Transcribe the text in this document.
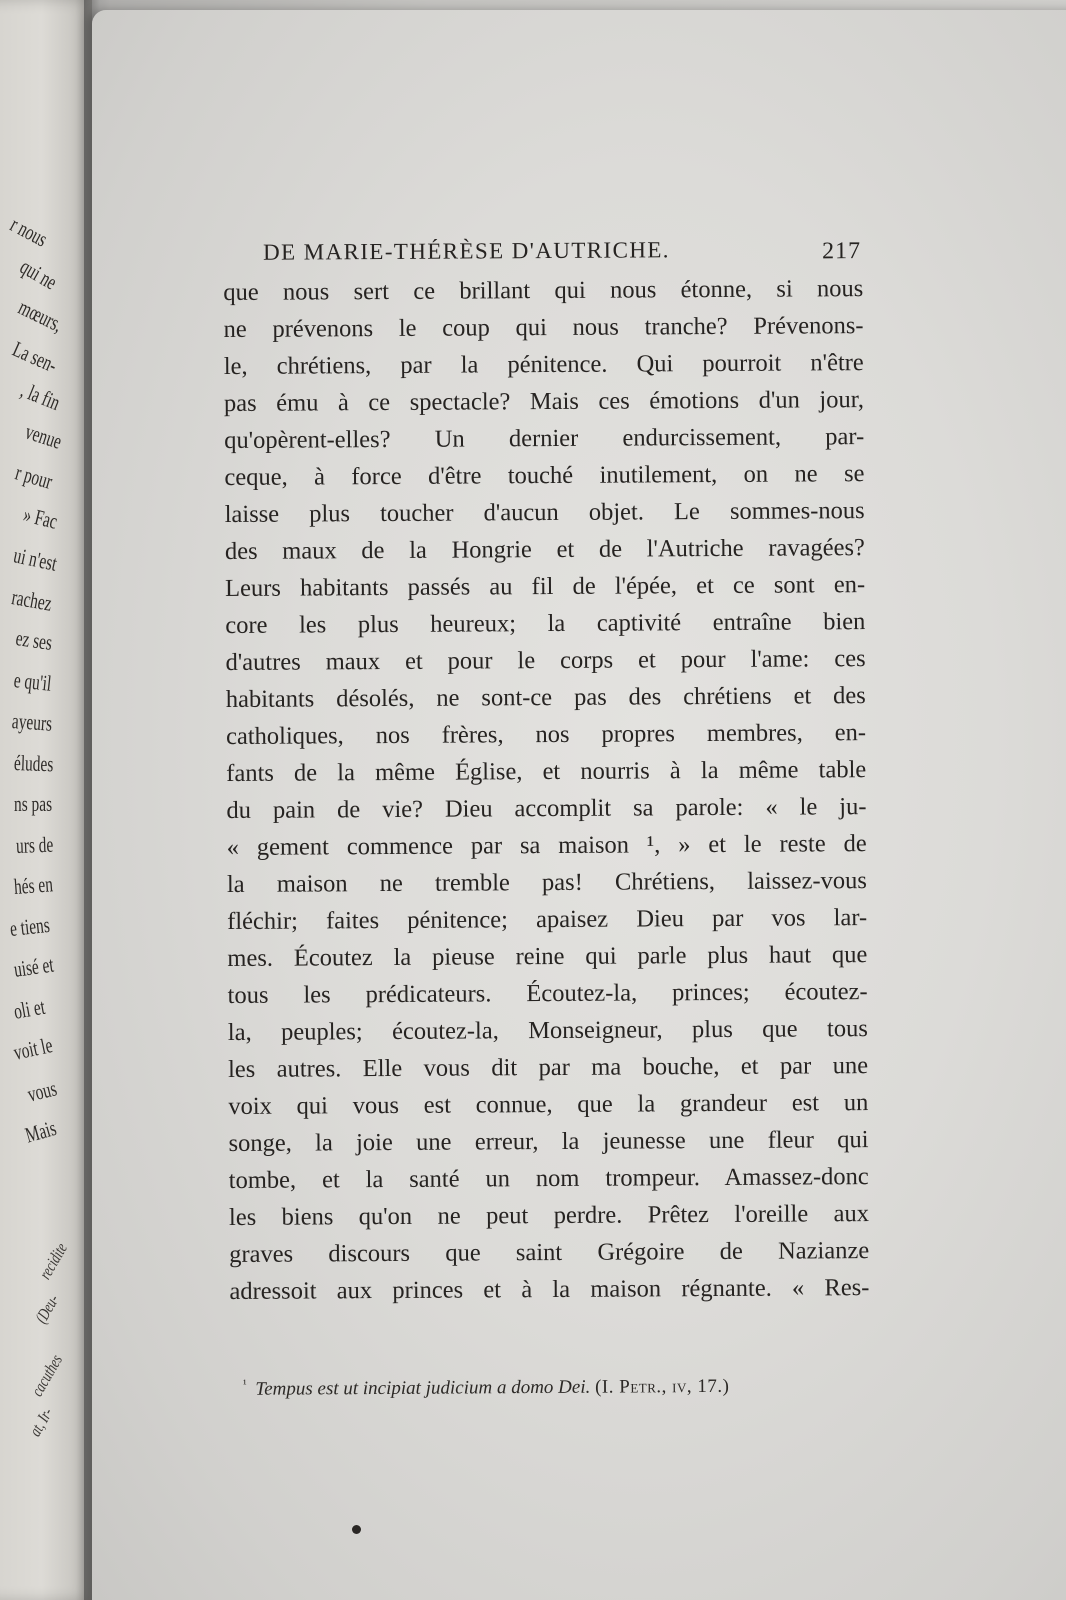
r nous
qui ne
mœurs,
La sen-
, la fin
venue
r pour
» Fac
ui n'est
rachez
ez ses
e qu'il
ayeurs
éludes
ns pas
urs de
hés en
e tiens
uisé et
oli et
voit le
vous
Mais
recidite
(Deu-
cacuthes
at, Ir-
DE MARIE-THÉRÈSE D'AUTRICHE.	217
que nous sert ce brillant qui nous étonne, si nous
ne prévenons le coup qui nous tranche? Prévenons-
le, chrétiens, par la pénitence. Qui pourroit n'être
pas ému à ce spectacle? Mais ces émotions d'un jour,
qu'opèrent-elles? Un dernier endurcissement, par-
ceque, à force d'être touché inutilement, on ne se
laisse plus toucher d'aucun objet. Le sommes-nous
des maux de la Hongrie et de l'Autriche ravagées?
Leurs habitants passés au fil de l'épée, et ce sont en-
core les plus heureux; la captivité entraîne bien
d'autres maux et pour le corps et pour l'ame: ces
habitants désolés, ne sont-ce pas des chrétiens et des
catholiques, nos frères, nos propres membres, en-
fants de la même Église, et nourris à la même table
du pain de vie? Dieu accomplit sa parole: « le ju-
« gement commence par sa maison ¹, » et le reste de
la maison ne tremble pas! Chrétiens, laissez-vous
fléchir; faites pénitence; apaisez Dieu par vos lar-
mes. Écoutez la pieuse reine qui parle plus haut que
tous les prédicateurs. Écoutez-la, princes; écoutez-
la, peuples; écoutez-la, Monseigneur, plus que tous
les autres. Elle vous dit par ma bouche, et par une
voix qui vous est connue, que la grandeur est un
songe, la joie une erreur, la jeunesse une fleur qui
tombe, et la santé un nom trompeur. Amassez-donc
les biens qu'on ne peut perdre. Prêtez l'oreille aux
graves discours que saint Grégoire de Nazianze
adressoit aux princes et à la maison régnante. « Res-
$^{^1}$ Tempus est ut incipiat judicium a domo Dei. (I. Petr., iv, 17.)
